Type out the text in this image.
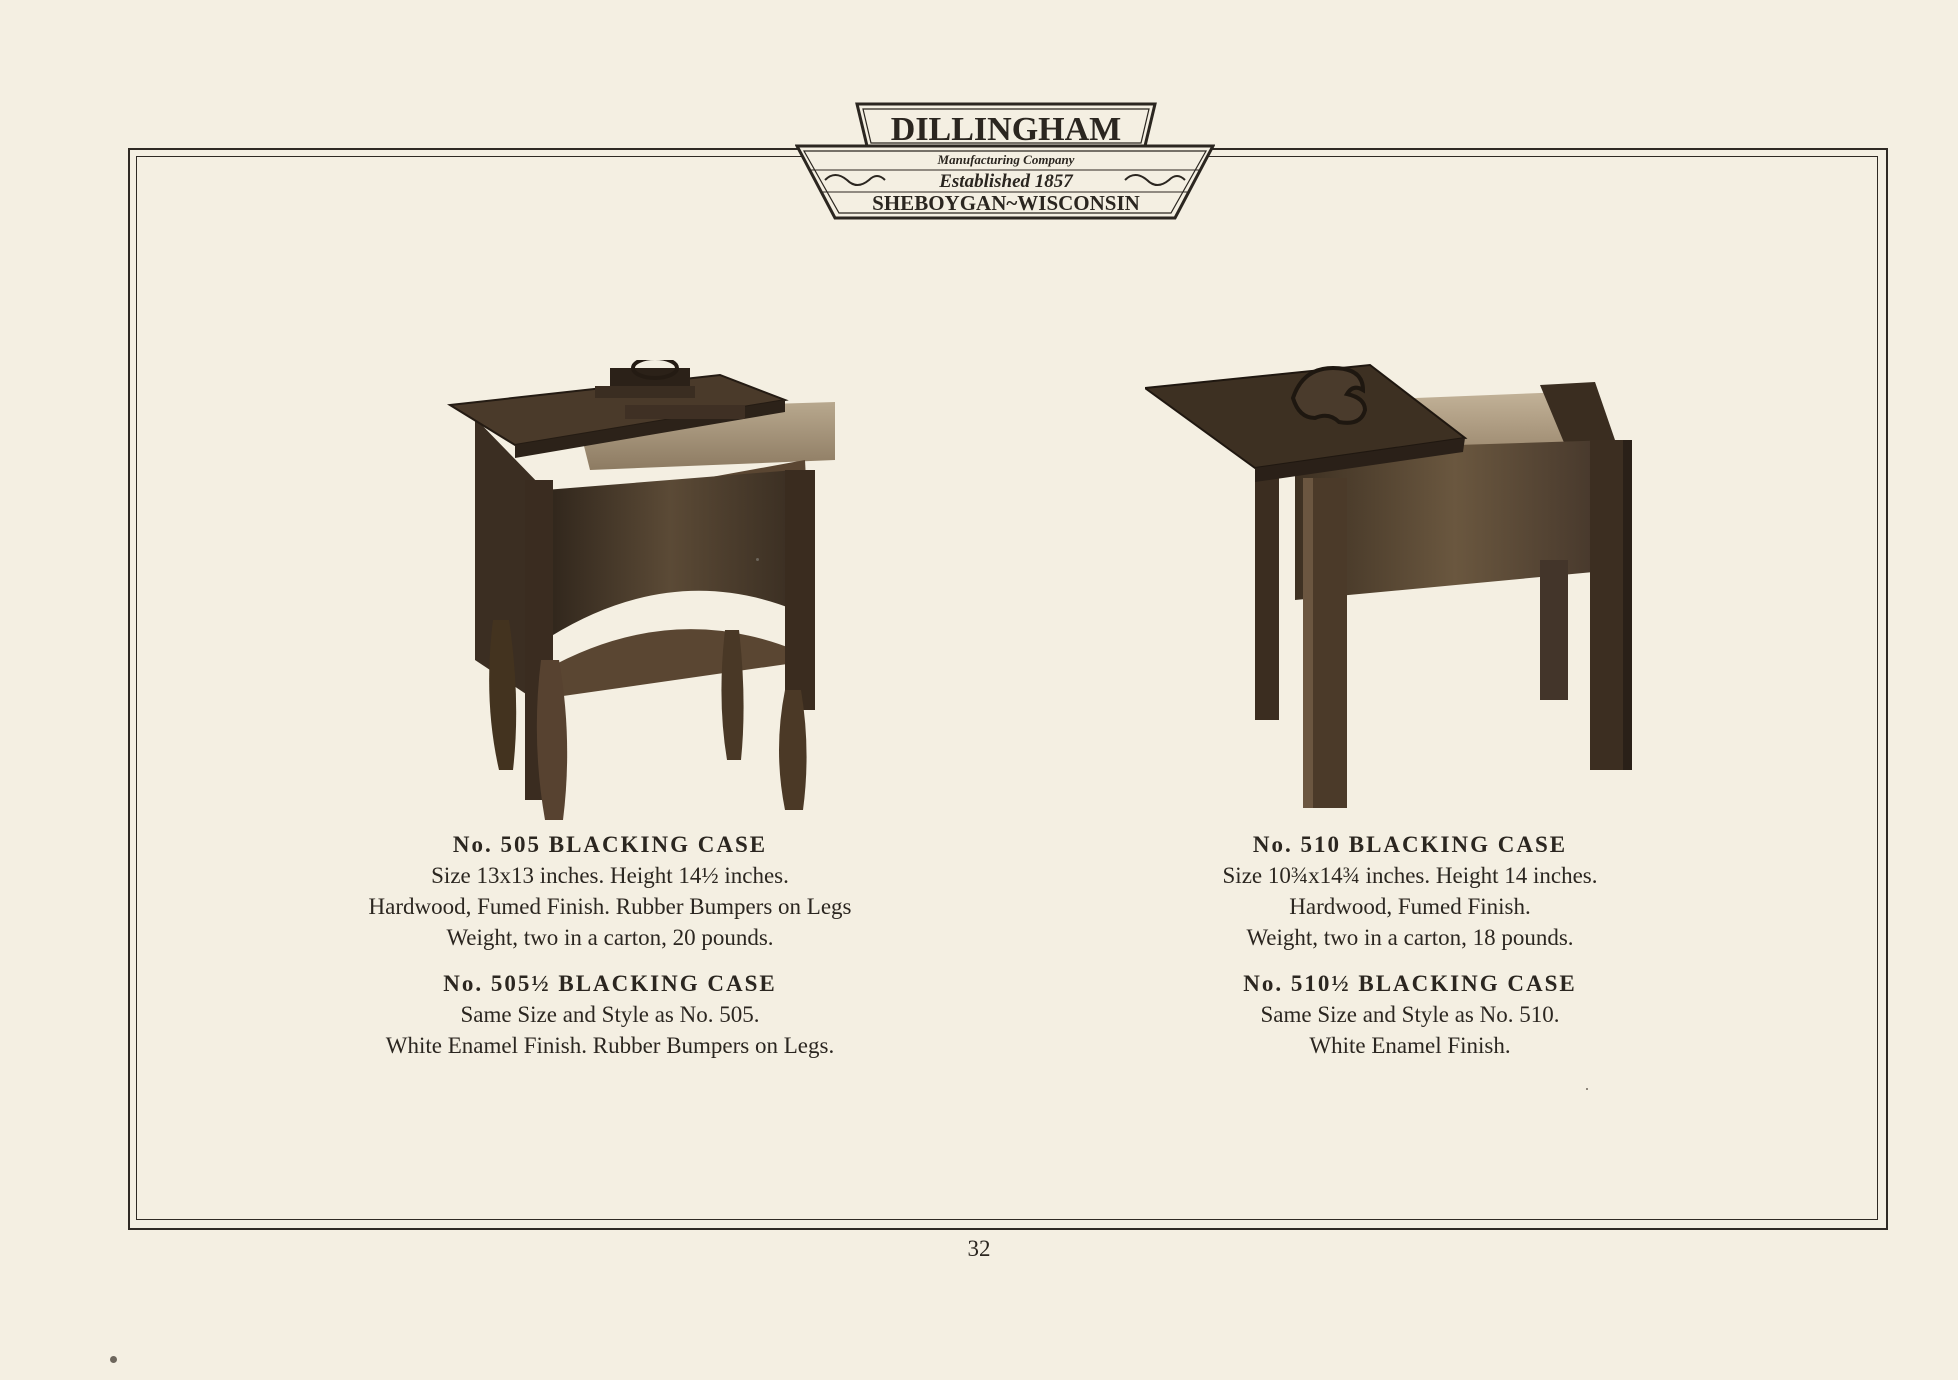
DILLINGHAM
Manufacturing Company
Established 1857
SHEBOYGAN~WISCONSIN

No. 505 BLACKING CASE

Size 13x13 inches. Height 14½ inches.

Hardwood, Fumed Finish. Rubber Bumpers on Legs

Weight, two in a carton, 20 pounds.

No. 505½ BLACKING CASE

Same Size and Style as No. 505.

White Enamel Finish. Rubber Bumpers on Legs.

No. 510 BLACKING CASE

Size 10¾x14¾ inches. Height 14 inches.

Hardwood, Fumed Finish.

Weight, two in a carton, 18 pounds.

No. 510½ BLACKING CASE

Same Size and Style as No. 510.

White Enamel Finish.

32
